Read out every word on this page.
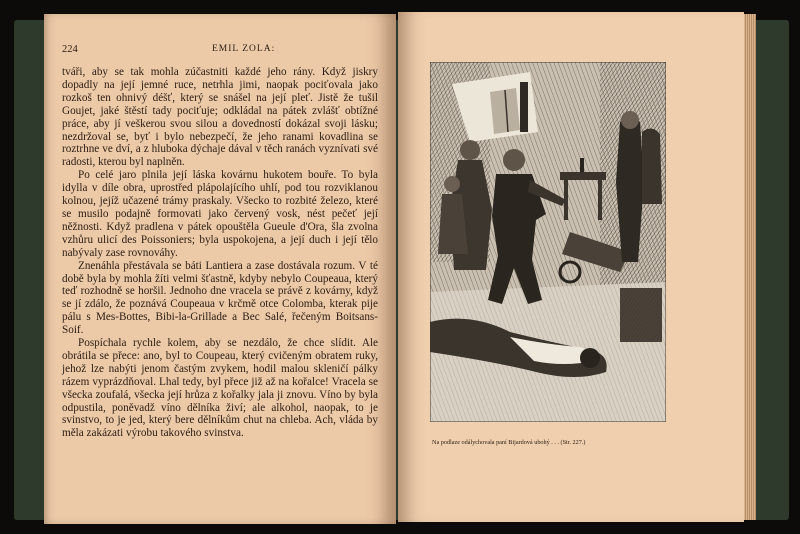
224	EMIL ZOLA:

tváři, aby se tak mohla zúčastniti každé jeho rány. Když jiskry dopadly na její jemné ruce, netrhla jimi, naopak pociťovala jako rozkoš ten ohnivý déšť, který se snášel na její pleť. Jistě že tušil Goujet, jaké štěstí tady pociťuje; odkládal na pátek zvlášť obtížné práce, aby jí veškerou svou silou a dovedností dokázal svoji lásku; nezdržoval se, byť i bylo nebezpečí, že jeho ranami kovadlina se roztrhne ve dví, a z hluboka dýchaje dával v těch ranách vyznívati své radosti, kterou byl naplněn.

Po celé jaro plnila její láska kovárnu hukotem bouře. To byla idylla v díle obra, uprostřed plápolajícího uhlí, pod tou rozviklanou kolnou, jejíž učazené trámy praskaly. Všecko to rozbité železo, které se musilo podajně formovati jako červený vosk, nést pečeť její něžnosti. Když pradlena v pátek opouštěla Gueule d'Ora, šla zvolna vzhůru ulicí des Poissoniers; byla uspokojena, a její duch i její tělo nabývaly zase rovnováhy.

Znenáhla přestávala se báti Lantiera a zase dostávala rozum. V té době byla by mohla žíti velmi šťastně, kdyby nebylo Coupeaua, který teď rozhodně se horšil. Jednoho dne vracela se právě z kovárny, když se jí zdálo, že poznává Coupeaua v krčmě otce Colomba, kterak pije pálu s Mes-Bottes, Bibi-la-Grillade a Bec Salé, řečeným Boitsans-Soif.

Pospíchala rychle kolem, aby se nezdálo, že chce slídit. Ale obrátila se přece: ano, byl to Coupeau, který cvičeným obratem ruky, jehož lze nabýti jenom častým zvykem, hodil malou skleničí pálky rázem vyprázdňoval. Lhal tedy, byl přece již až na kořalce! Vracela se všecka zoufalá, všecka její hrůza z kořalky jala ji znovu. Víno by byla odpustila, poněvadž víno dělníka živí; ale alkohol, naopak, to je svinstvo, to je jed, který bere dělníkům chut na chleba. Ach, vláda by měla zakázati výrobu takového svinstva.

Na podlaze odálychovala paní Bijardová ubohý . . . (Str. 227.)
